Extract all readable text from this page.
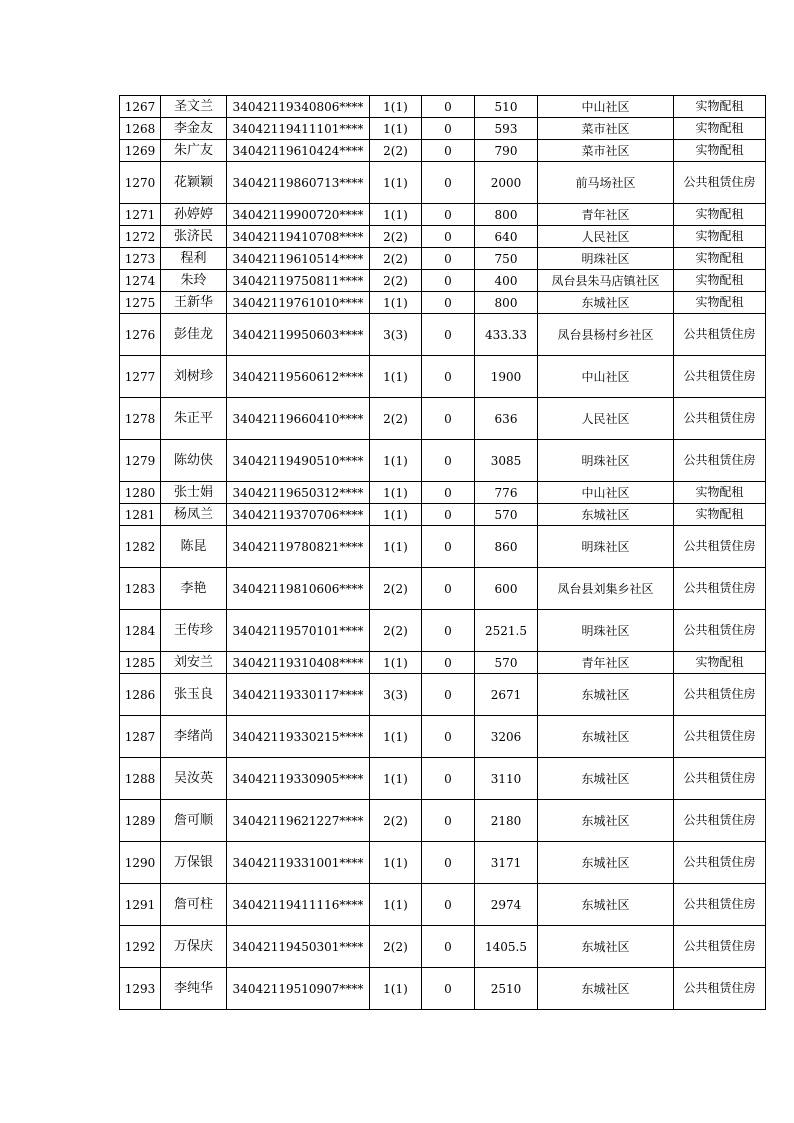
1267	圣文兰	34042119340806****	1(1)	0	510	中山社区	实物配租
1268	李金友	34042119411101****	1(1)	0	593	菜市社区	实物配租
1269	朱广友	34042119610424****	2(2)	0	790	菜市社区	实物配租
1270	花颖颖	34042119860713****	1(1)	0	2000	前马场社区	公共租赁住房
1271	孙婷婷	34042119900720****	1(1)	0	800	青年社区	实物配租
1272	张济民	34042119410708****	2(2)	0	640	人民社区	实物配租
1273	程利	34042119610514****	2(2)	0	750	明珠社区	实物配租
1274	朱玲	34042119750811****	2(2)	0	400	凤台县朱马店镇社区	实物配租
1275	王新华	34042119761010****	1(1)	0	800	东城社区	实物配租
1276	彭佳龙	34042119950603****	3(3)	0	433.33	凤台县杨村乡社区	公共租赁住房
1277	刘树珍	34042119560612****	1(1)	0	1900	中山社区	公共租赁住房
1278	朱正平	34042119660410****	2(2)	0	636	人民社区	公共租赁住房
1279	陈幼侠	34042119490510****	1(1)	0	3085	明珠社区	公共租赁住房
1280	张士娟	34042119650312****	1(1)	0	776	中山社区	实物配租
1281	杨凤兰	34042119370706****	1(1)	0	570	东城社区	实物配租
1282	陈昆	34042119780821****	1(1)	0	860	明珠社区	公共租赁住房
1283	李艳	34042119810606****	2(2)	0	600	凤台县刘集乡社区	公共租赁住房
1284	王传珍	34042119570101****	2(2)	0	2521.5	明珠社区	公共租赁住房
1285	刘安兰	34042119310408****	1(1)	0	570	青年社区	实物配租
1286	张玉良	34042119330117****	3(3)	0	2671	东城社区	公共租赁住房
1287	李绪尚	34042119330215****	1(1)	0	3206	东城社区	公共租赁住房
1288	吴汝英	34042119330905****	1(1)	0	3110	东城社区	公共租赁住房
1289	詹可顺	34042119621227****	2(2)	0	2180	东城社区	公共租赁住房
1290	万保银	34042119331001****	1(1)	0	3171	东城社区	公共租赁住房
1291	詹可柱	34042119411116****	1(1)	0	2974	东城社区	公共租赁住房
1292	万保庆	34042119450301****	2(2)	0	1405.5	东城社区	公共租赁住房
1293	李纯华	34042119510907****	1(1)	0	2510	东城社区	公共租赁住房
